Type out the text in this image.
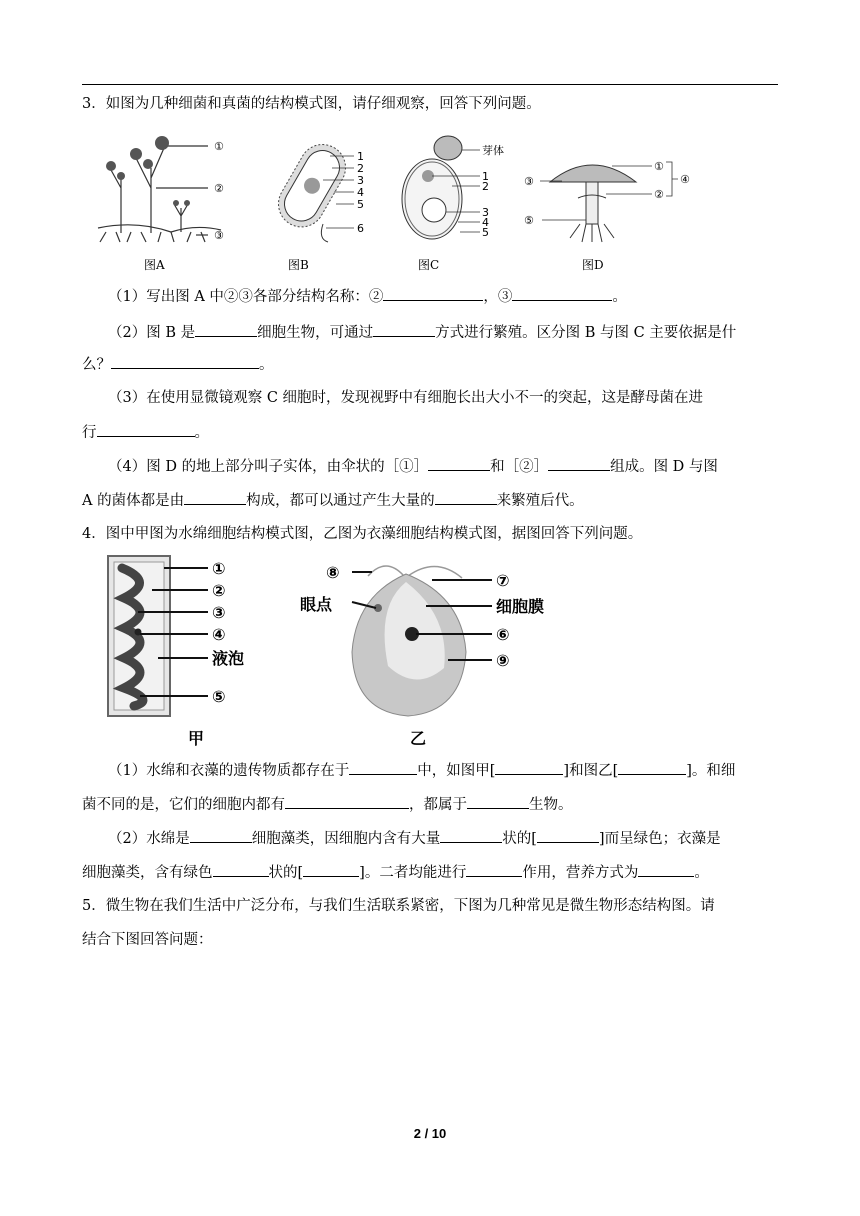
3．如图为几种细菌和真菌的结构模式图，请仔细观察，回答下列问题。
①
②
③
图A
1
2
3
4
5
6
图B
芽体
1
2
3
4
5
图C
①
②
③	④
⑤
图D
（1）写出图 A 中②③各部分结构名称：②	，③	。
（2）图 B 是	细胞生物，可通过	方式进行繁殖。区分图 B 与图 C 主要依据是什
么？	。
（3）在使用显微镜观察 C 细胞时，发现视野中有细胞长出大小不一的突起，这是酵母菌在进
行	。
（4）图 D 的地上部分叫子实体，由伞状的［①］	和［②］	组成。图 D 与图
A 的菌体都是由	构成，都可以通过产生大量的	来繁殖后代。
4．图中甲图为水绵细胞结构模式图，乙图为衣藻细胞结构模式图，据图回答下列问题。
①
②
③
④
液泡
⑤
甲
⑧
眼点
⑦
细胞膜
⑥
⑨
乙
（1）水绵和衣藻的遗传物质都存在于	中，如图甲[	]和图乙[	]。和细
菌不同的是，它们的细胞内都有	，都属于	生物。
（2）水绵是	细胞藻类，因细胞内含有大量	状的[	]而呈绿色；衣藻是
细胞藻类，含有绿色	状的[	]。二者均能进行	作用，营养方式为	。
5．微生物在我们生活中广泛分布，与我们生活联系紧密，下图为几种常见是微生物形态结构图。请
结合下图回答问题：
2 / 10
